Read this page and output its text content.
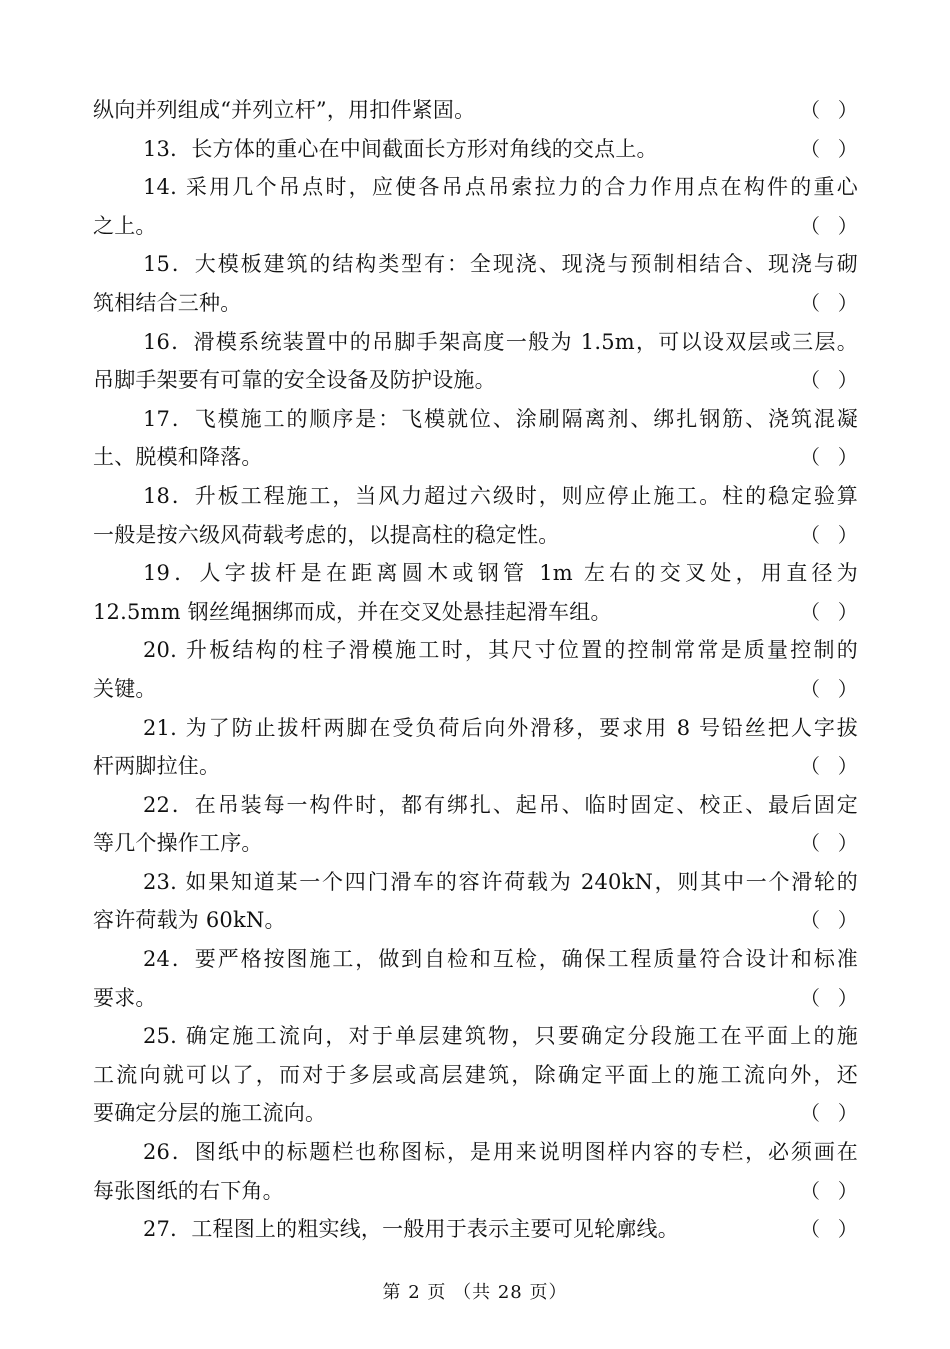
纵向并列组成“并列立杆”，用扣件紧固。	（ ）
13．长方体的重心在中间截面长方形对角线的交点上。	（ ）
14. 采用几个吊点时，应使各吊点吊索拉力的合力作用点在构件的重心
之上。	（ ）
15．大模板建筑的结构类型有：全现浇、现浇与预制相结合、现浇与砌
筑相结合三种。	（ ）
16．滑模系统装置中的吊脚手架高度一般为 1.5m，可以设双层或三层。
吊脚手架要有可靠的安全设备及防护设施。	（ ）
17．飞模施工的顺序是：飞模就位、涂刷隔离剂、绑扎钢筋、浇筑混凝
土、脱模和降落。	（ ）
18．升板工程施工，当风力超过六级时，则应停止施工。柱的稳定验算
一般是按六级风荷载考虑的，以提高柱的稳定性。	（ ）
19．人字拔杆是在距离圆木或钢管 1m 左右的交叉处，用直径为
12.5mm 钢丝绳捆绑而成，并在交叉处悬挂起滑车组。	（ ）
20. 升板结构的柱子滑模施工时，其尺寸位置的控制常常是质量控制的
关键。	（ ）
21. 为了防止拔杆两脚在受负荷后向外滑移，要求用 8 号铅丝把人字拔
杆两脚拉住。	（ ）
22．在吊装每一构件时，都有绑扎、起吊、临时固定、校正、最后固定
等几个操作工序。	（ ）
23. 如果知道某一个四门滑车的容许荷载为 240kN，则其中一个滑轮的
容许荷载为 60kN。	（ ）
24．要严格按图施工，做到自检和互检，确保工程质量符合设计和标准
要求。	（ ）
25. 确定施工流向，对于单层建筑物，只要确定分段施工在平面上的施
工流向就可以了，而对于多层或高层建筑，除确定平面上的施工流向外，还
要确定分层的施工流向。	（ ）
26．图纸中的标题栏也称图标，是用来说明图样内容的专栏，必须画在
每张图纸的右下角。	（ ）
27．工程图上的粗实线，一般用于表示主要可见轮廓线。	（ ）
第 2 页 （共 28 页）
